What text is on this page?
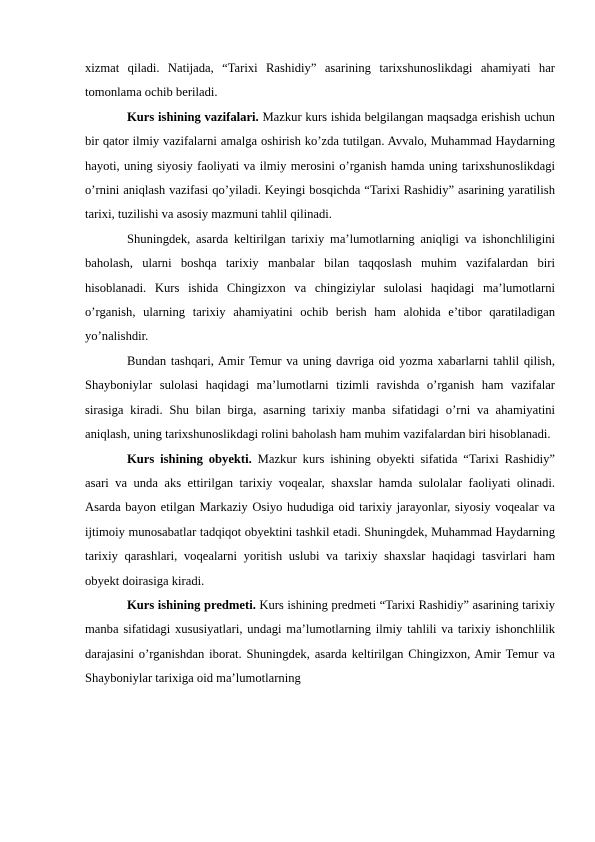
xizmat qiladi. Natijada, “Tarixi Rashidiy” asarining tarixshunoslikdagi ahamiyati har tomonlama ochib beriladi.

Kurs ishining vazifalari. Mazkur kurs ishida belgilangan maqsadga erishish uchun bir qator ilmiy vazifalarni amalga oshirish ko’zda tutilgan. Avvalo, Muhammad Haydarning hayoti, uning siyosiy faoliyati va ilmiy merosini o’rganish hamda uning tarixshunoslikdagi o’rnini aniqlash vazifasi qo’yiladi. Keyingi bosqichda “Tarixi Rashidiy” asarining yaratilish tarixi, tuzilishi va asosiy mazmuni tahlil qilinadi.

Shuningdek, asarda keltirilgan tarixiy ma’lumotlarning aniqligi va ishonchliligini baholash, ularni boshqa tarixiy manbalar bilan taqqoslash muhim vazifalardan biri hisoblanadi. Kurs ishida Chingizxon va chingiziylar sulolasi haqidagi ma’lumotlarni o’rganish, ularning tarixiy ahamiyatini ochib berish ham alohida e’tibor qaratiladigan yo’nalishdir.

Bundan tashqari, Amir Temur va uning davriga oid yozma xabarlarni tahlil qilish, Shayboniylar sulolasi haqidagi ma’lumotlarni tizimli ravishda o’rganish ham vazifalar sirasiga kiradi. Shu bilan birga, asarning tarixiy manba sifatidagi o’rni va ahamiyatini aniqlash, uning tarixshunoslikdagi rolini baholash ham muhim vazifalardan biri hisoblanadi.

Kurs ishining obyekti. Mazkur kurs ishining obyekti sifatida “Tarixi Rashidiy” asari va unda aks ettirilgan tarixiy voqealar, shaxslar hamda sulolalar faoliyati olinadi. Asarda bayon etilgan Markaziy Osiyo hududiga oid tarixiy jarayonlar, siyosiy voqealar va ijtimoiy munosabatlar tadqiqot obyektini tashkil etadi. Shuningdek, Muhammad Haydarning tarixiy qarashlari, voqealarni yoritish uslubi va tarixiy shaxslar haqidagi tasvirlari ham obyekt doirasiga kiradi.

Kurs ishining predmeti. Kurs ishining predmeti “Tarixi Rashidiy” asarining tarixiy manba sifatidagi xususiyatlari, undagi ma’lumotlarning ilmiy tahlili va tarixiy ishonchlilik darajasini o’rganishdan iborat. Shuningdek, asarda keltirilgan Chingizxon, Amir Temur va Shayboniylar tarixiga oid ma’lumotlarning
